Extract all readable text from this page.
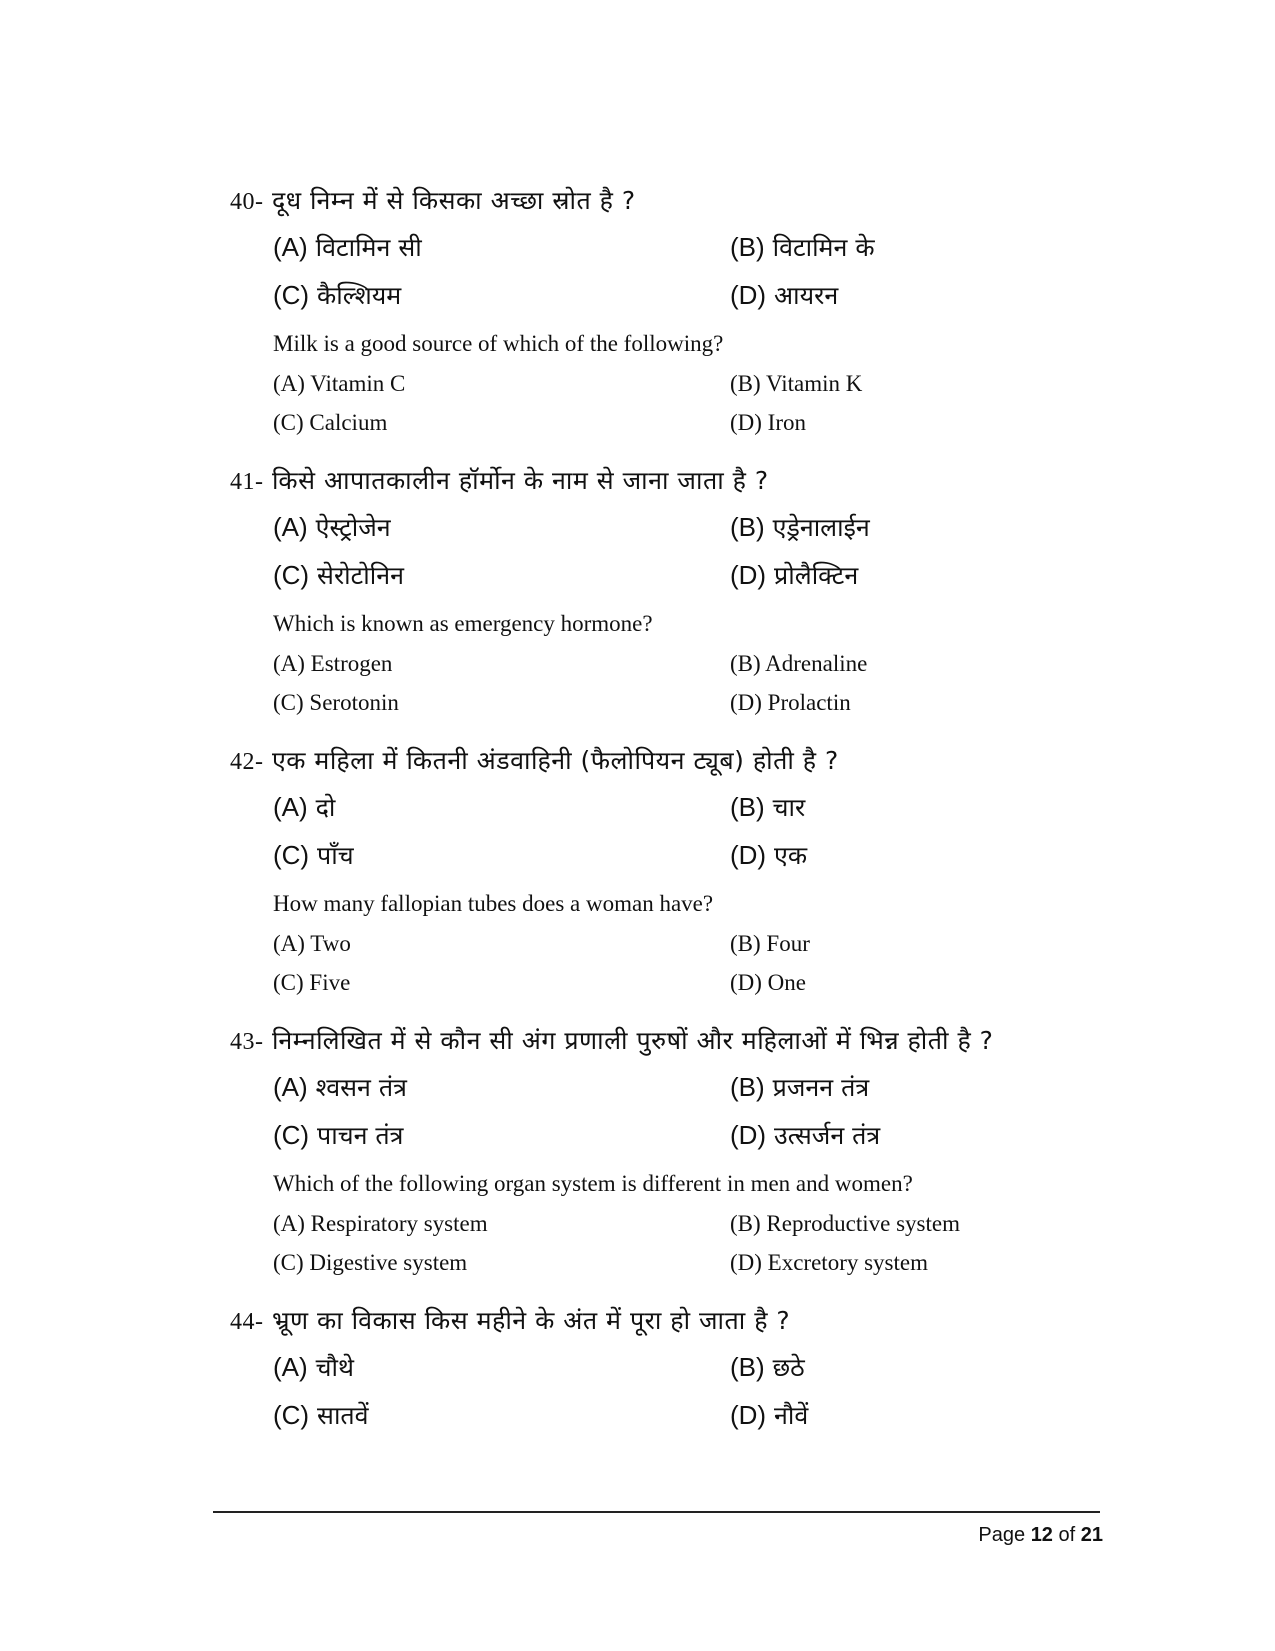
40- दूध निम्न में से किसका अच्छा स्रोत है ?
(A) विटामिन सी	(B) विटामिन के
(C) कैल्शियम	(D) आयरन
Milk is a good source of which of the following?
(A) Vitamin C	(B) Vitamin K
(C) Calcium	(D) Iron
41- किसे आपातकालीन हॉर्मोन के नाम से जाना जाता है ?
(A) ऐस्ट्रोजेन	(B) एड्रेनालाईन
(C) सेरोटोनिन	(D) प्रोलैक्टिन
Which is known as emergency hormone?
(A) Estrogen	(B) Adrenaline
(C) Serotonin	(D) Prolactin
42- एक महिला में कितनी अंडवाहिनी (फैलोपियन ट्यूब) होती है ?
(A) दो	(B) चार
(C) पाँच	(D) एक
How many fallopian tubes does a woman have?
(A) Two	(B) Four
(C) Five	(D) One
43- निम्नलिखित में से कौन सी अंग प्रणाली पुरुषों और महिलाओं में भिन्न होती है ?
(A) श्वसन तंत्र	(B) प्रजनन तंत्र
(C) पाचन तंत्र	(D) उत्सर्जन तंत्र
Which of the following organ system is different in men and women?
(A) Respiratory system	(B) Reproductive system
(C) Digestive system	(D) Excretory system
44- भ्रूण का विकास किस महीने के अंत में पूरा हो जाता है ?
(A) चौथे	(B) छठे
(C) सातवें	(D) नौवें
Page 12 of 21
